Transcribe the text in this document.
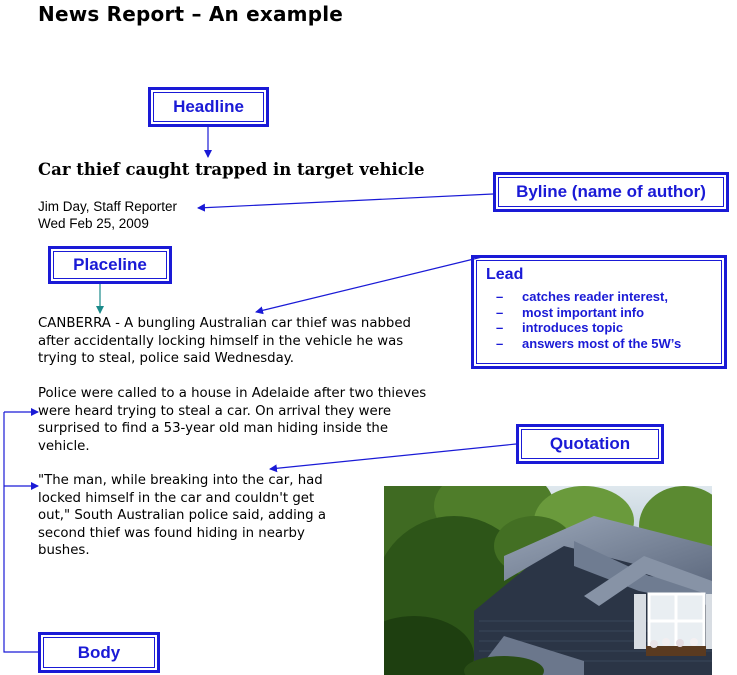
News Report – An example
Headline
Byline (name of author)
Placeline
Lead
– catches reader interest,
– most important info
– introduces topic
– answers most of the 5W’s
Quotation
Body
Car thief caught trapped in target vehicle
Jim Day, Staff Reporter
Wed Feb 25, 2009
CANBERRA - A bungling Australian car thief was nabbed
after accidentally locking himself in the vehicle he was
trying to steal, police said Wednesday.
Police were called to a house in Adelaide after two thieves
were heard trying to steal a car. On arrival they were
surprised to find a 53-year old man hiding inside the
vehicle.
"The man, while breaking into the car, had
locked himself in the car and couldn't get
out," South Australian police said, adding a
second thief was found hiding in nearby
bushes.
